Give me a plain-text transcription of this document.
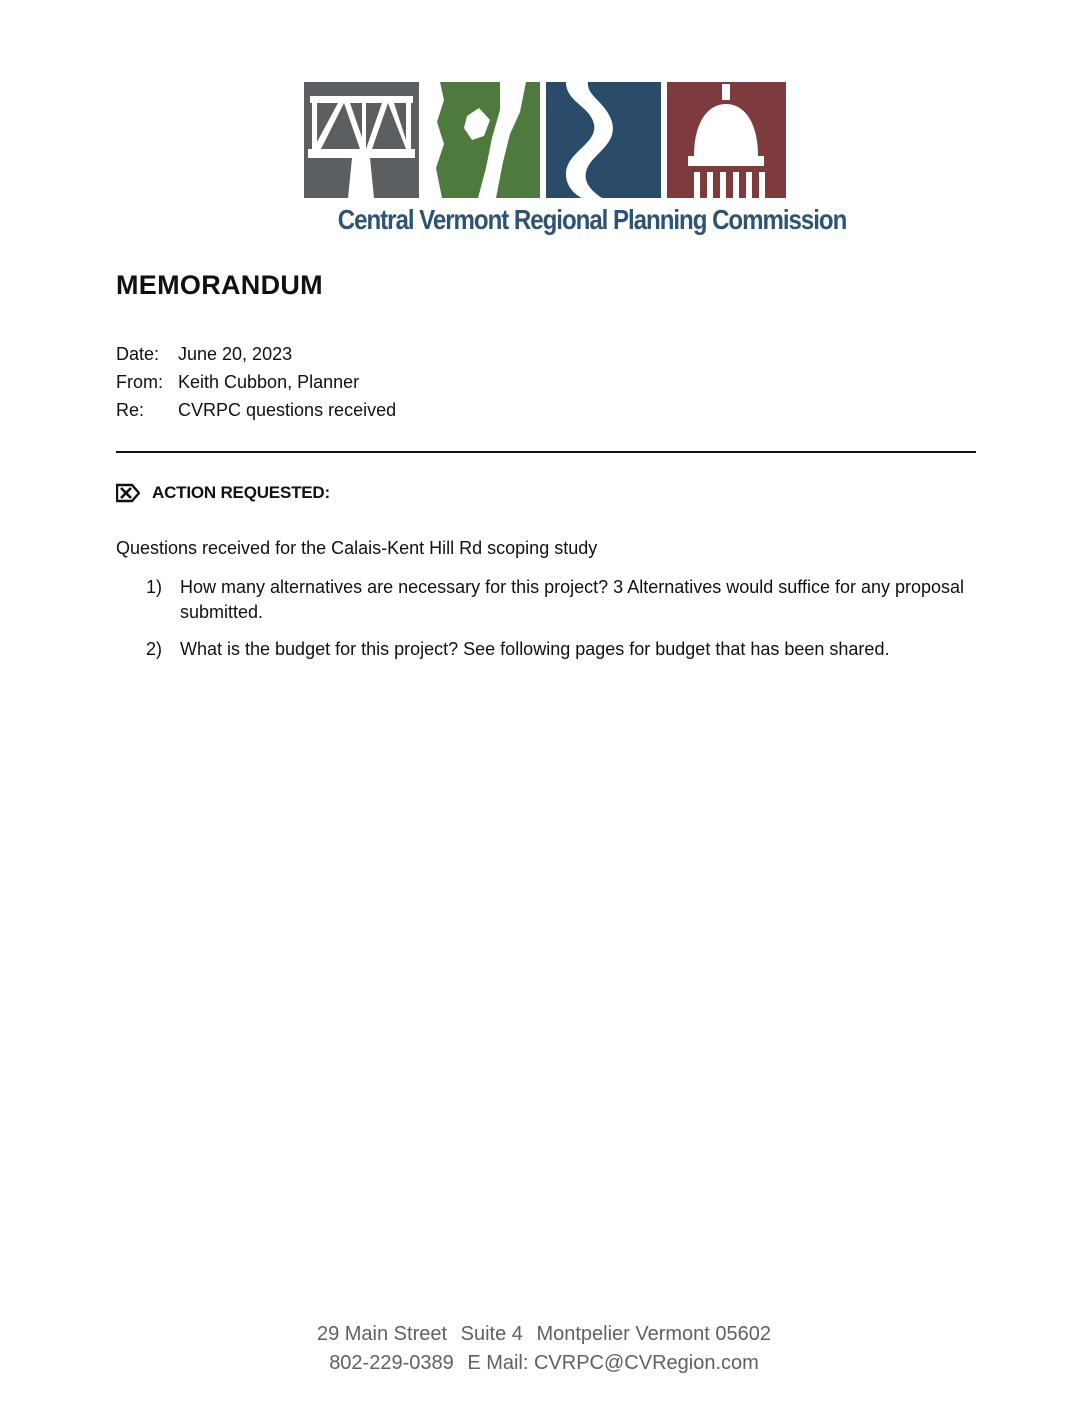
Central Vermont Regional Planning Commission
MEMORANDUM
Date:	June 20, 2023
From: Keith Cubbon, Planner
Re:	CVRPC questions received
ACTION REQUESTED:
Questions received for the Calais-Kent Hill Rd scoping study
1) How many alternatives are necessary for this project? 3 Alternatives would suffice for any proposal submitted.
2) What is the budget for this project? See following pages for budget that has been shared.
29 Main Street Suite 4 Montpelier Vermont 05602
802-229-0389 E Mail: CVRPC@CVRegion.com
